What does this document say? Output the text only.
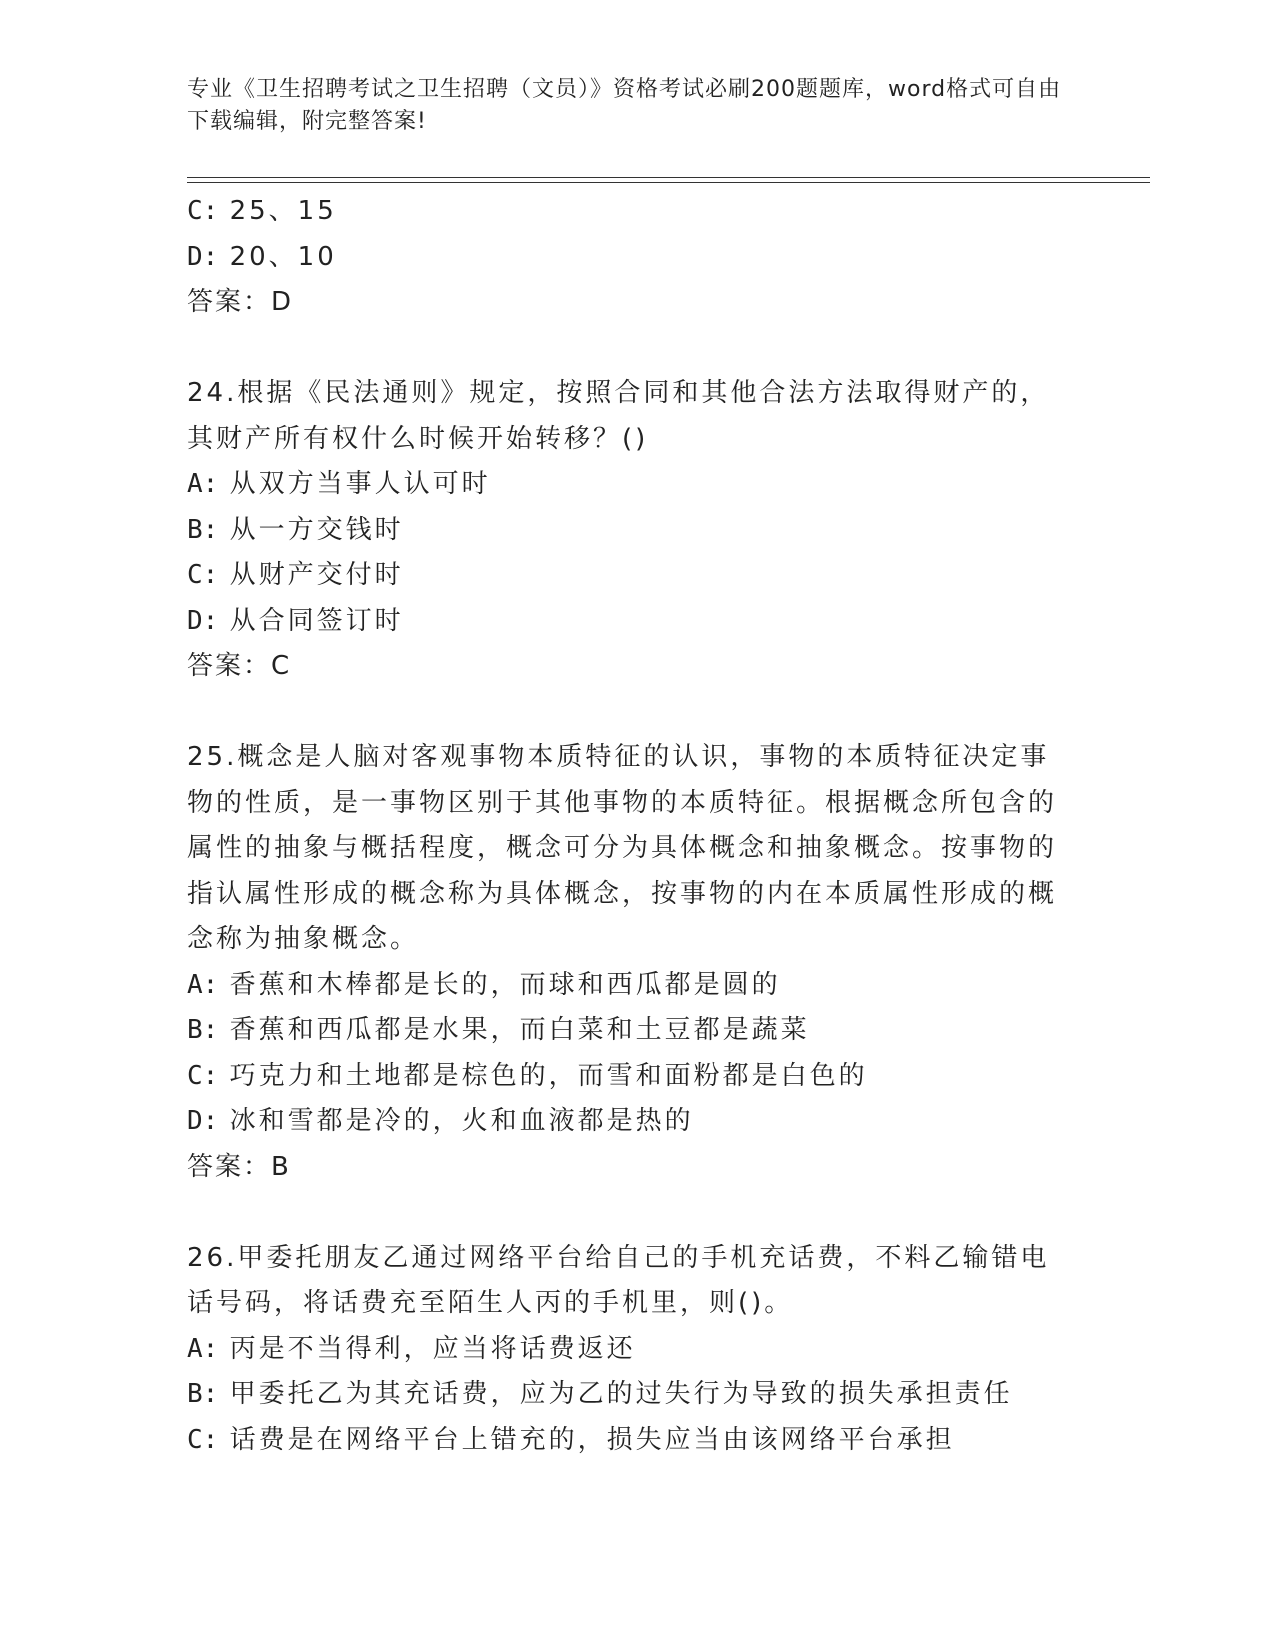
专业《卫生招聘考试之卫生招聘（文员）》资格考试必刷200题题库，word格式可自由下载编辑，附完整答案!
C: 25、15
D: 20、10
答案：D
24.根据《民法通则》规定，按照合同和其他合法方法取得财产的，其财产所有权什么时候开始转移？()
A: 从双方当事人认可时
B: 从一方交钱时
C: 从财产交付时
D: 从合同签订时
答案：C
25.概念是人脑对客观事物本质特征的认识，事物的本质特征决定事物的性质，是一事物区别于其他事物的本质特征。根据概念所包含的属性的抽象与概括程度，概念可分为具体概念和抽象概念。按事物的指认属性形成的概念称为具体概念，按事物的内在本质属性形成的概念称为抽象概念。
A: 香蕉和木棒都是长的，而球和西瓜都是圆的
B: 香蕉和西瓜都是水果，而白菜和土豆都是蔬菜
C: 巧克力和土地都是棕色的，而雪和面粉都是白色的
D: 冰和雪都是冷的，火和血液都是热的
答案：B
26.甲委托朋友乙通过网络平台给自己的手机充话费，不料乙输错电话号码，将话费充至陌生人丙的手机里，则()。
A: 丙是不当得利，应当将话费返还
B: 甲委托乙为其充话费，应为乙的过失行为导致的损失承担责任
C: 话费是在网络平台上错充的，损失应当由该网络平台承担
